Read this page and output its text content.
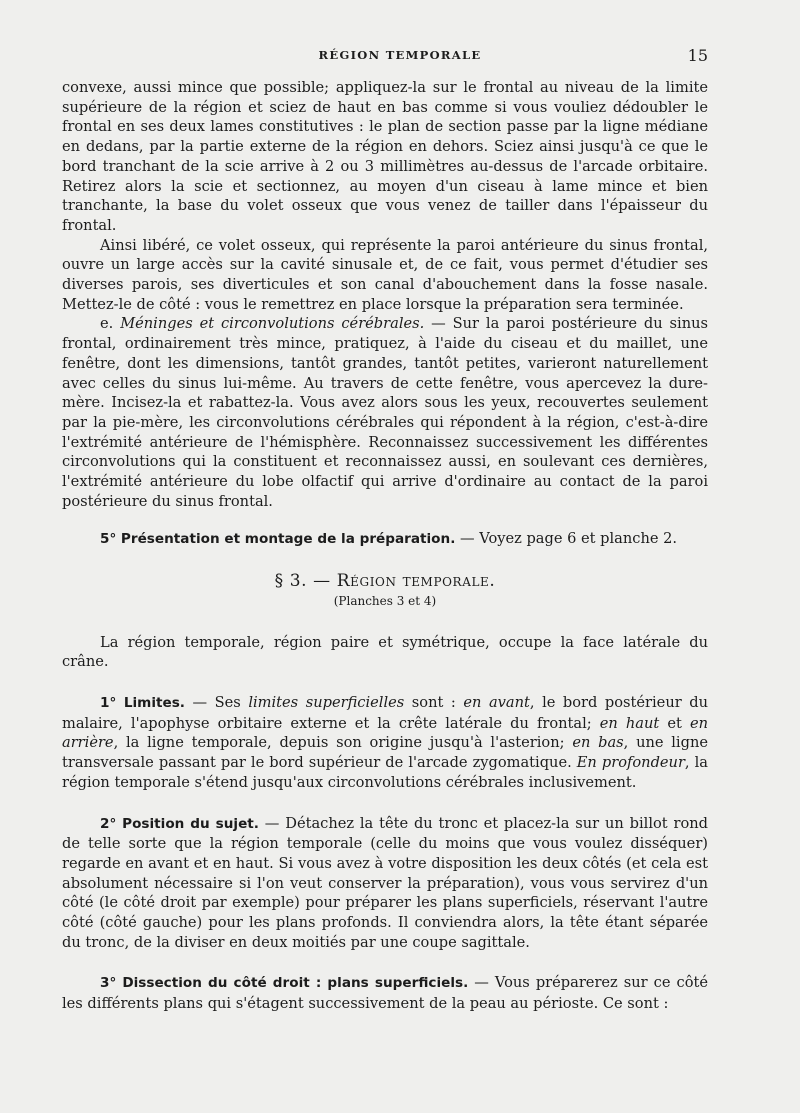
RÉGION TEMPORALE	15

convexe, aussi mince que possible; appliquez-la sur le frontal au niveau de la limite supérieure de la région et sciez de haut en bas comme si vous vouliez dédoubler le frontal en ses deux lames constitutives : le plan de section passe par la ligne médiane en dedans, par la partie externe de la région en dehors. Sciez ainsi jusqu'à ce que le bord tranchant de la scie arrive à 2 ou 3 millimètres au-dessus de l'arcade orbitaire. Retirez alors la scie et sectionnez, au moyen d'un ciseau à lame mince et bien tranchante, la base du volet osseux que vous venez de tailler dans l'épaisseur du frontal.

Ainsi libéré, ce volet osseux, qui représente la paroi antérieure du sinus frontal, ouvre un large accès sur la cavité sinusale et, de ce fait, vous permet d'étudier ses diverses parois, ses diverticules et son canal d'abouchement dans la fosse nasale. Mettez-le de côté : vous le remettrez en place lorsque la préparation sera terminée.

e. Méninges et circonvolutions cérébrales. — Sur la paroi postérieure du sinus frontal, ordinairement très mince, pratiquez, à l'aide du ciseau et du maillet, une fenêtre, dont les dimensions, tantôt grandes, tantôt petites, varieront naturellement avec celles du sinus lui-même. Au travers de cette fenêtre, vous apercevez la dure-mère. Incisez-la et rabattez-la. Vous avez alors sous les yeux, recouvertes seulement par la pie-mère, les circonvolutions cérébrales qui répondent à la région, c'est-à-dire l'extrémité antérieure de l'hémisphère. Reconnaissez successivement les différentes circonvolutions qui la constituent et reconnaissez aussi, en soulevant ces dernières, l'extrémité antérieure du lobe olfactif qui arrive d'ordinaire au contact de la paroi postérieure du sinus frontal.

5° Présentation et montage de la préparation. — Voyez page 6 et planche 2.

§ 3. — Région temporale.

(Planches 3 et 4)

La région temporale, région paire et symétrique, occupe la face latérale du crâne.

1° Limites. — Ses limites superficielles sont : en avant, le bord postérieur du malaire, l'apophyse orbitaire externe et la crête latérale du frontal; en haut et en arrière, la ligne temporale, depuis son origine jusqu'à l'asterion; en bas, une ligne transversale passant par le bord supérieur de l'arcade zygomatique. En profondeur, la région temporale s'étend jusqu'aux circonvolutions cérébrales inclusivement.

2° Position du sujet. — Détachez la tête du tronc et placez-la sur un billot rond de telle sorte que la région temporale (celle du moins que vous voulez disséquer) regarde en avant et en haut. Si vous avez à votre disposition les deux côtés (et cela est absolument nécessaire si l'on veut conserver la préparation), vous vous servirez d'un côté (le côté droit par exemple) pour préparer les plans superficiels, réservant l'autre côté (côté gauche) pour les plans profonds. Il conviendra alors, la tête étant séparée du tronc, de la diviser en deux moitiés par une coupe sagittale.

3° Dissection du côté droit : plans superficiels. — Vous préparerez sur ce côté les différents plans qui s'étagent successivement de la peau au périoste. Ce sont :
